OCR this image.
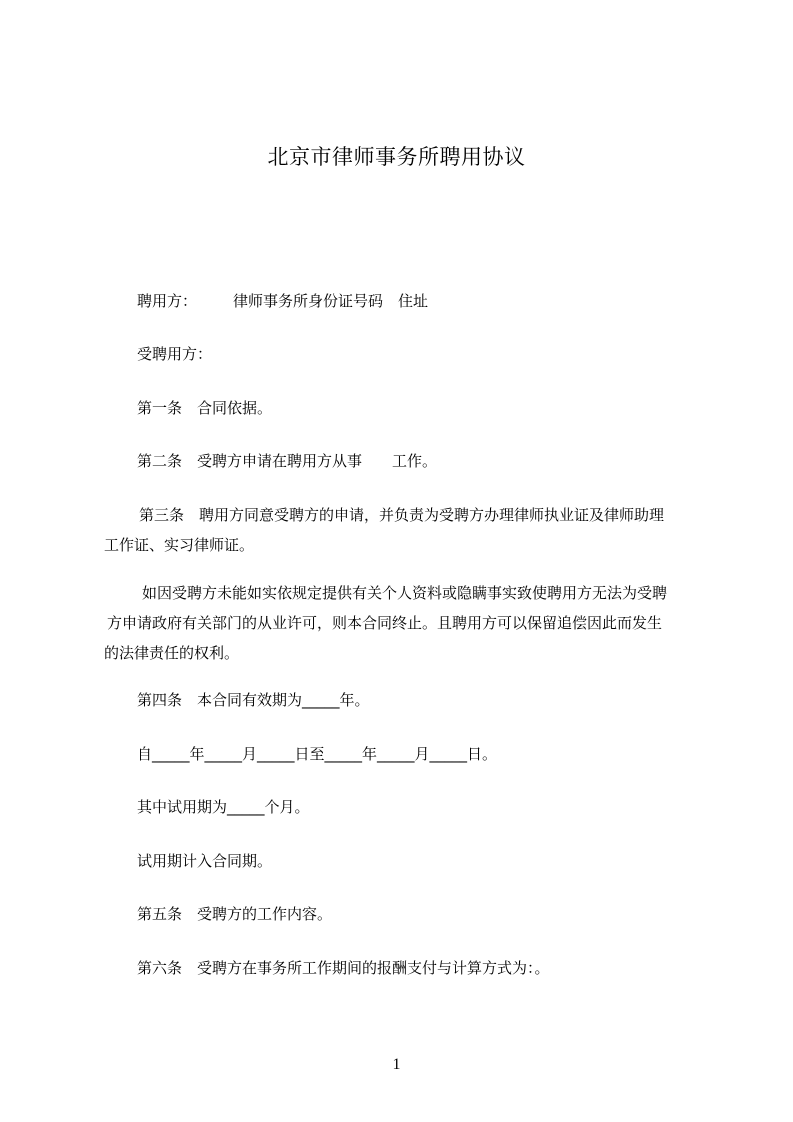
北京市律师事务所聘用协议
聘用方： 律师事务所身份证号码　住址
受聘用方：
第一条　合同依据。
第二条　受聘方申请在聘用方从事　　工作。
第三条　聘用方同意受聘方的申请，并负责为受聘方办理律师执业证及律师助理
工作证、实习律师证。
如因受聘方未能如实依规定提供有关个人资料或隐瞒事实致使聘用方无法为受聘
方申请政府有关部门的从业许可，则本合同终止。且聘用方可以保留追偿因此而发生
的法律责任的权利。
第四条　本合同有效期为_____年。
自_____年_____月_____日至_____年_____月_____日。
其中试用期为_____个月。
试用期计入合同期。
第五条　受聘方的工作内容。
第六条　受聘方在事务所工作期间的报酬支付与计算方式为：。
1
